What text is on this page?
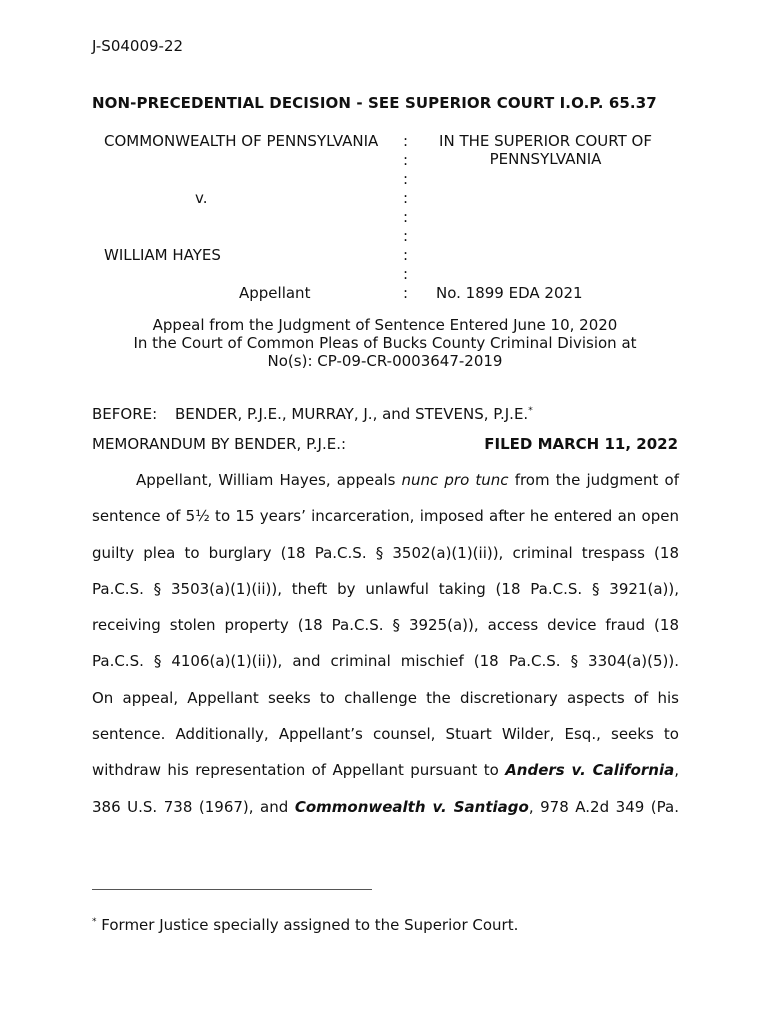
J-S04009-22
NON-PRECEDENTIAL DECISION - SEE SUPERIOR COURT I.O.P. 65.37
COMMONWEALTH OF PENNSYLVANIA
v.
WILLIAM HAYES
Appellant
:
:
:
:
:
:
:
:
:
IN THE SUPERIOR COURT OF
PENNSYLVANIA
No. 1899 EDA 2021
Appeal from the Judgment of Sentence Entered June 10, 2020
In the Court of Common Pleas of Bucks County Criminal Division at
No(s): CP-09-CR-0003647-2019
BEFORE: BENDER, P.J.E., MURRAY, J., and STEVENS, P.J.E.*
MEMORANDUM BY BENDER, P.J.E.:	FILED MARCH 11, 2022
Appellant, William Hayes, appeals nunc pro tunc from the judgment of
sentence of 5½ to 15 years’ incarceration, imposed after he entered an open
guilty plea to burglary (18 Pa.C.S. § 3502(a)(1)(ii)), criminal trespass (18
Pa.C.S. § 3503(a)(1)(ii)), theft by unlawful taking (18 Pa.C.S. § 3921(a)),
receiving stolen property (18 Pa.C.S. § 3925(a)), access device fraud (18
Pa.C.S. § 4106(a)(1)(ii)), and criminal mischief (18 Pa.C.S. § 3304(a)(5)).
On appeal, Appellant seeks to challenge the discretionary aspects of his
sentence. Additionally, Appellant’s counsel, Stuart Wilder, Esq., seeks to
withdraw his representation of Appellant pursuant to Anders v. California,
386 U.S. 738 (1967), and Commonwealth v. Santiago, 978 A.2d 349 (Pa.
* Former Justice specially assigned to the Superior Court.
